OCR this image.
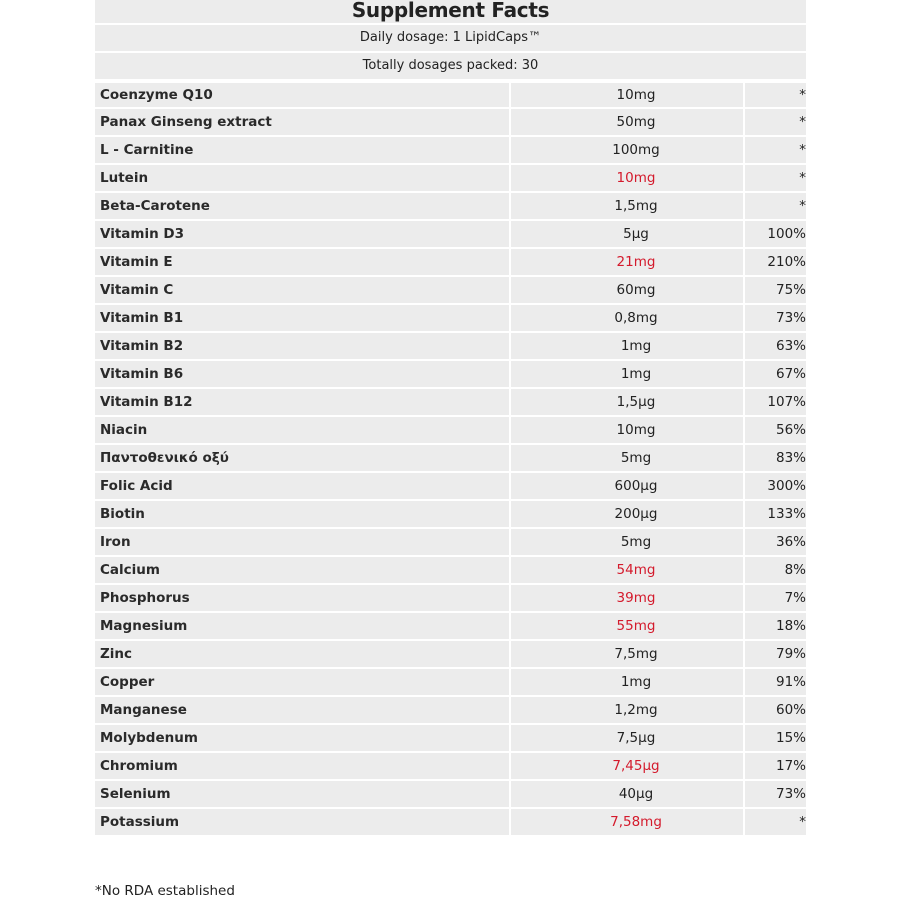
Supplement Facts
Daily dosage: 1 LipidCaps™
Totally dosages packed: 30
Coenzyme Q10	10mg	*
Panax Ginseng extract	50mg	*
L - Carnitine	100mg	*
Lutein	10mg	*
Beta-Carotene	1,5mg	*
Vitamin D3	5μg	100%
Vitamin E	21mg	210%
Vitamin C	60mg	75%
Vitamin B1	0,8mg	73%
Vitamin B2	1mg	63%
Vitamin B6	1mg	67%
Vitamin B12	1,5μg	107%
Niacin	10mg	56%
Παντοθενικό οξύ	5mg	83%
Folic Acid	600μg	300%
Biotin	200μg	133%
Iron	5mg	36%
Calcium	54mg	8%
Phosphorus	39mg	7%
Magnesium	55mg	18%
Zinc	7,5mg	79%
Copper	1mg	91%
Manganese	1,2mg	60%
Molybdenum	7,5μg	15%
Chromium	7,45μg	17%
Selenium	40μg	73%
Potassium	7,58mg	*
*No RDA established
